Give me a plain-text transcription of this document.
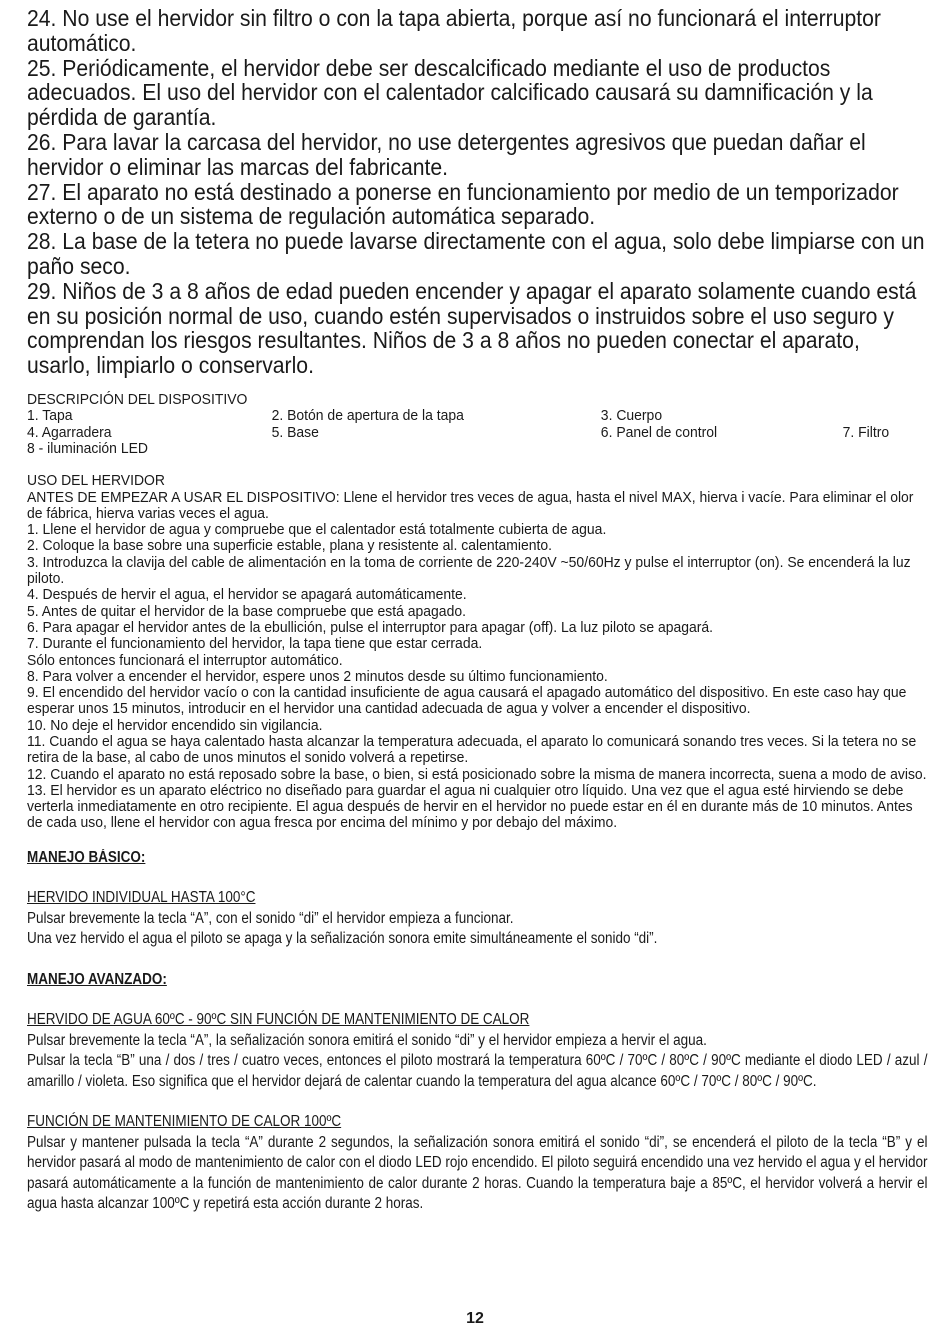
24. No use el hervidor sin filtro o con la tapa abierta, porque así no funcionará el interruptor automático.

25. Periódicamente, el hervidor debe ser descalcificado mediante el uso de productos adecuados. El uso del hervidor con el calentador calcificado causará su damnificación y la pérdida de garantía.

26. Para lavar la carcasa del hervidor, no use detergentes agresivos que puedan dañar el hervidor o eliminar las marcas del fabricante.

27. El aparato no está destinado a ponerse en funcionamiento por medio de un temporizador externo o de un sistema de regulación automática separado.

28. La base de la tetera no puede lavarse directamente con el agua, solo debe limpiarse con un paño seco.

29. Niños de 3 a 8 años de edad pueden encender y apagar el aparato solamente cuando está en su posición normal de uso, cuando estén supervisados o instruidos sobre el uso seguro y comprendan los riesgos resultantes. Niños de 3 a 8 años no pueden conectar el aparato, usarlo, limpiarlo o conservarlo.

DESCRIPCIÓN DEL DISPOSITIVO

1. Tapa	2. Botón de apertura de la tapa	3. Cuerpo
4. Agarradera	5. Base	6. Panel de control	7. Filtro
8 - iluminación LED

USO DEL HERVIDOR

ANTES DE EMPEZAR A USAR EL DISPOSITIVO: Llene el hervidor tres veces de agua, hasta el nivel MAX, hierva i vacíe. Para eliminar el olor de fábrica, hierva varias veces el agua.

1. Llene el hervidor de agua y compruebe que el calentador está totalmente cubierta de agua.

2. Coloque la base sobre una superficie estable, plana y resistente al. calentamiento.

3. Introduzca la clavija del cable de alimentación en la toma de corriente de 220-240V ~50/60Hz y pulse el interruptor (on). Se encenderá la luz piloto.

4. Después de hervir el agua, el hervidor se apagará automáticamente.

5. Antes de quitar el hervidor de la base compruebe que está apagado.

6. Para apagar el hervidor antes de la ebullición, pulse el interruptor para apagar (off). La luz piloto se apagará.

7. Durante el funcionamiento del hervidor, la tapa tiene que estar cerrada.

Sólo entonces funcionará el interruptor automático.

8. Para volver a encender el hervidor, espere unos 2 minutos desde su último funcionamiento.

9. El encendido del hervidor vacío o con la cantidad insuficiente de agua causará el apagado automático del dispositivo. En este caso hay que esperar unos 15 minutos, introducir en el hervidor una cantidad adecuada de agua y volver a encender el dispositivo.

10. No deje el hervidor encendido sin vigilancia.

11. Cuando el agua se haya calentado hasta alcanzar la temperatura adecuada, el aparato lo comunicará sonando tres veces. Si la tetera no se retira de la base, al cabo de unos minutos el sonido volverá a repetirse.

12. Cuando el aparato no está reposado sobre la base, o bien, si está posicionado sobre la misma de manera incorrecta, suena a modo de aviso.

13. El hervidor es un aparato eléctrico no diseñado para guardar el agua ni cualquier otro líquido. Una vez que el agua esté hirviendo se debe verterla inmediatamente en otro recipiente. El agua después de hervir en el hervidor no puede estar en él en durante más de 10 minutos. Antes de cada uso, llene el hervidor con agua fresca por encima del mínimo y por debajo del máximo.

MANEJO BÁSICO:

HERVIDO INDIVIDUAL HASTA 100°C

Pulsar brevemente la tecla “A”, con el sonido “di” el hervidor empieza a funcionar.

Una vez hervido el agua el piloto se apaga y la señalización sonora emite simultáneamente el sonido “di”.

MANEJO AVANZADO:

HERVIDO DE AGUA 60ºC - 90ºC SIN FUNCIÓN DE MANTENIMIENTO DE CALOR

Pulsar brevemente la tecla “A”, la señalización sonora emitirá el sonido “di” y el hervidor empieza a hervir el agua.

Pulsar la tecla “B” una / dos / tres / cuatro veces, entonces el piloto mostrará la temperatura 60ºC / 70ºC / 80ºC / 90ºC mediante el diodo LED / azul / amarillo / violeta. Eso significa que el hervidor dejará de calentar cuando la temperatura del agua alcance 60ºC / 70ºC / 80ºC / 90ºC.

FUNCIÓN DE MANTENIMIENTO DE CALOR 100ºC

Pulsar y mantener pulsada la tecla “A” durante 2 segundos, la señalización sonora emitirá el sonido “di”, se encenderá el piloto de la tecla “B” y el hervidor pasará al modo de mantenimiento de calor con el diodo LED rojo encendido. El piloto seguirá encendido una vez hervido el agua y el hervidor pasará automáticamente a la función de mantenimiento de calor durante 2 horas. Cuando la temperatura baje a 85ºC, el hervidor volverá a hervir el agua hasta alcanzar 100ºC y repetirá esta acción durante 2 horas.

12
